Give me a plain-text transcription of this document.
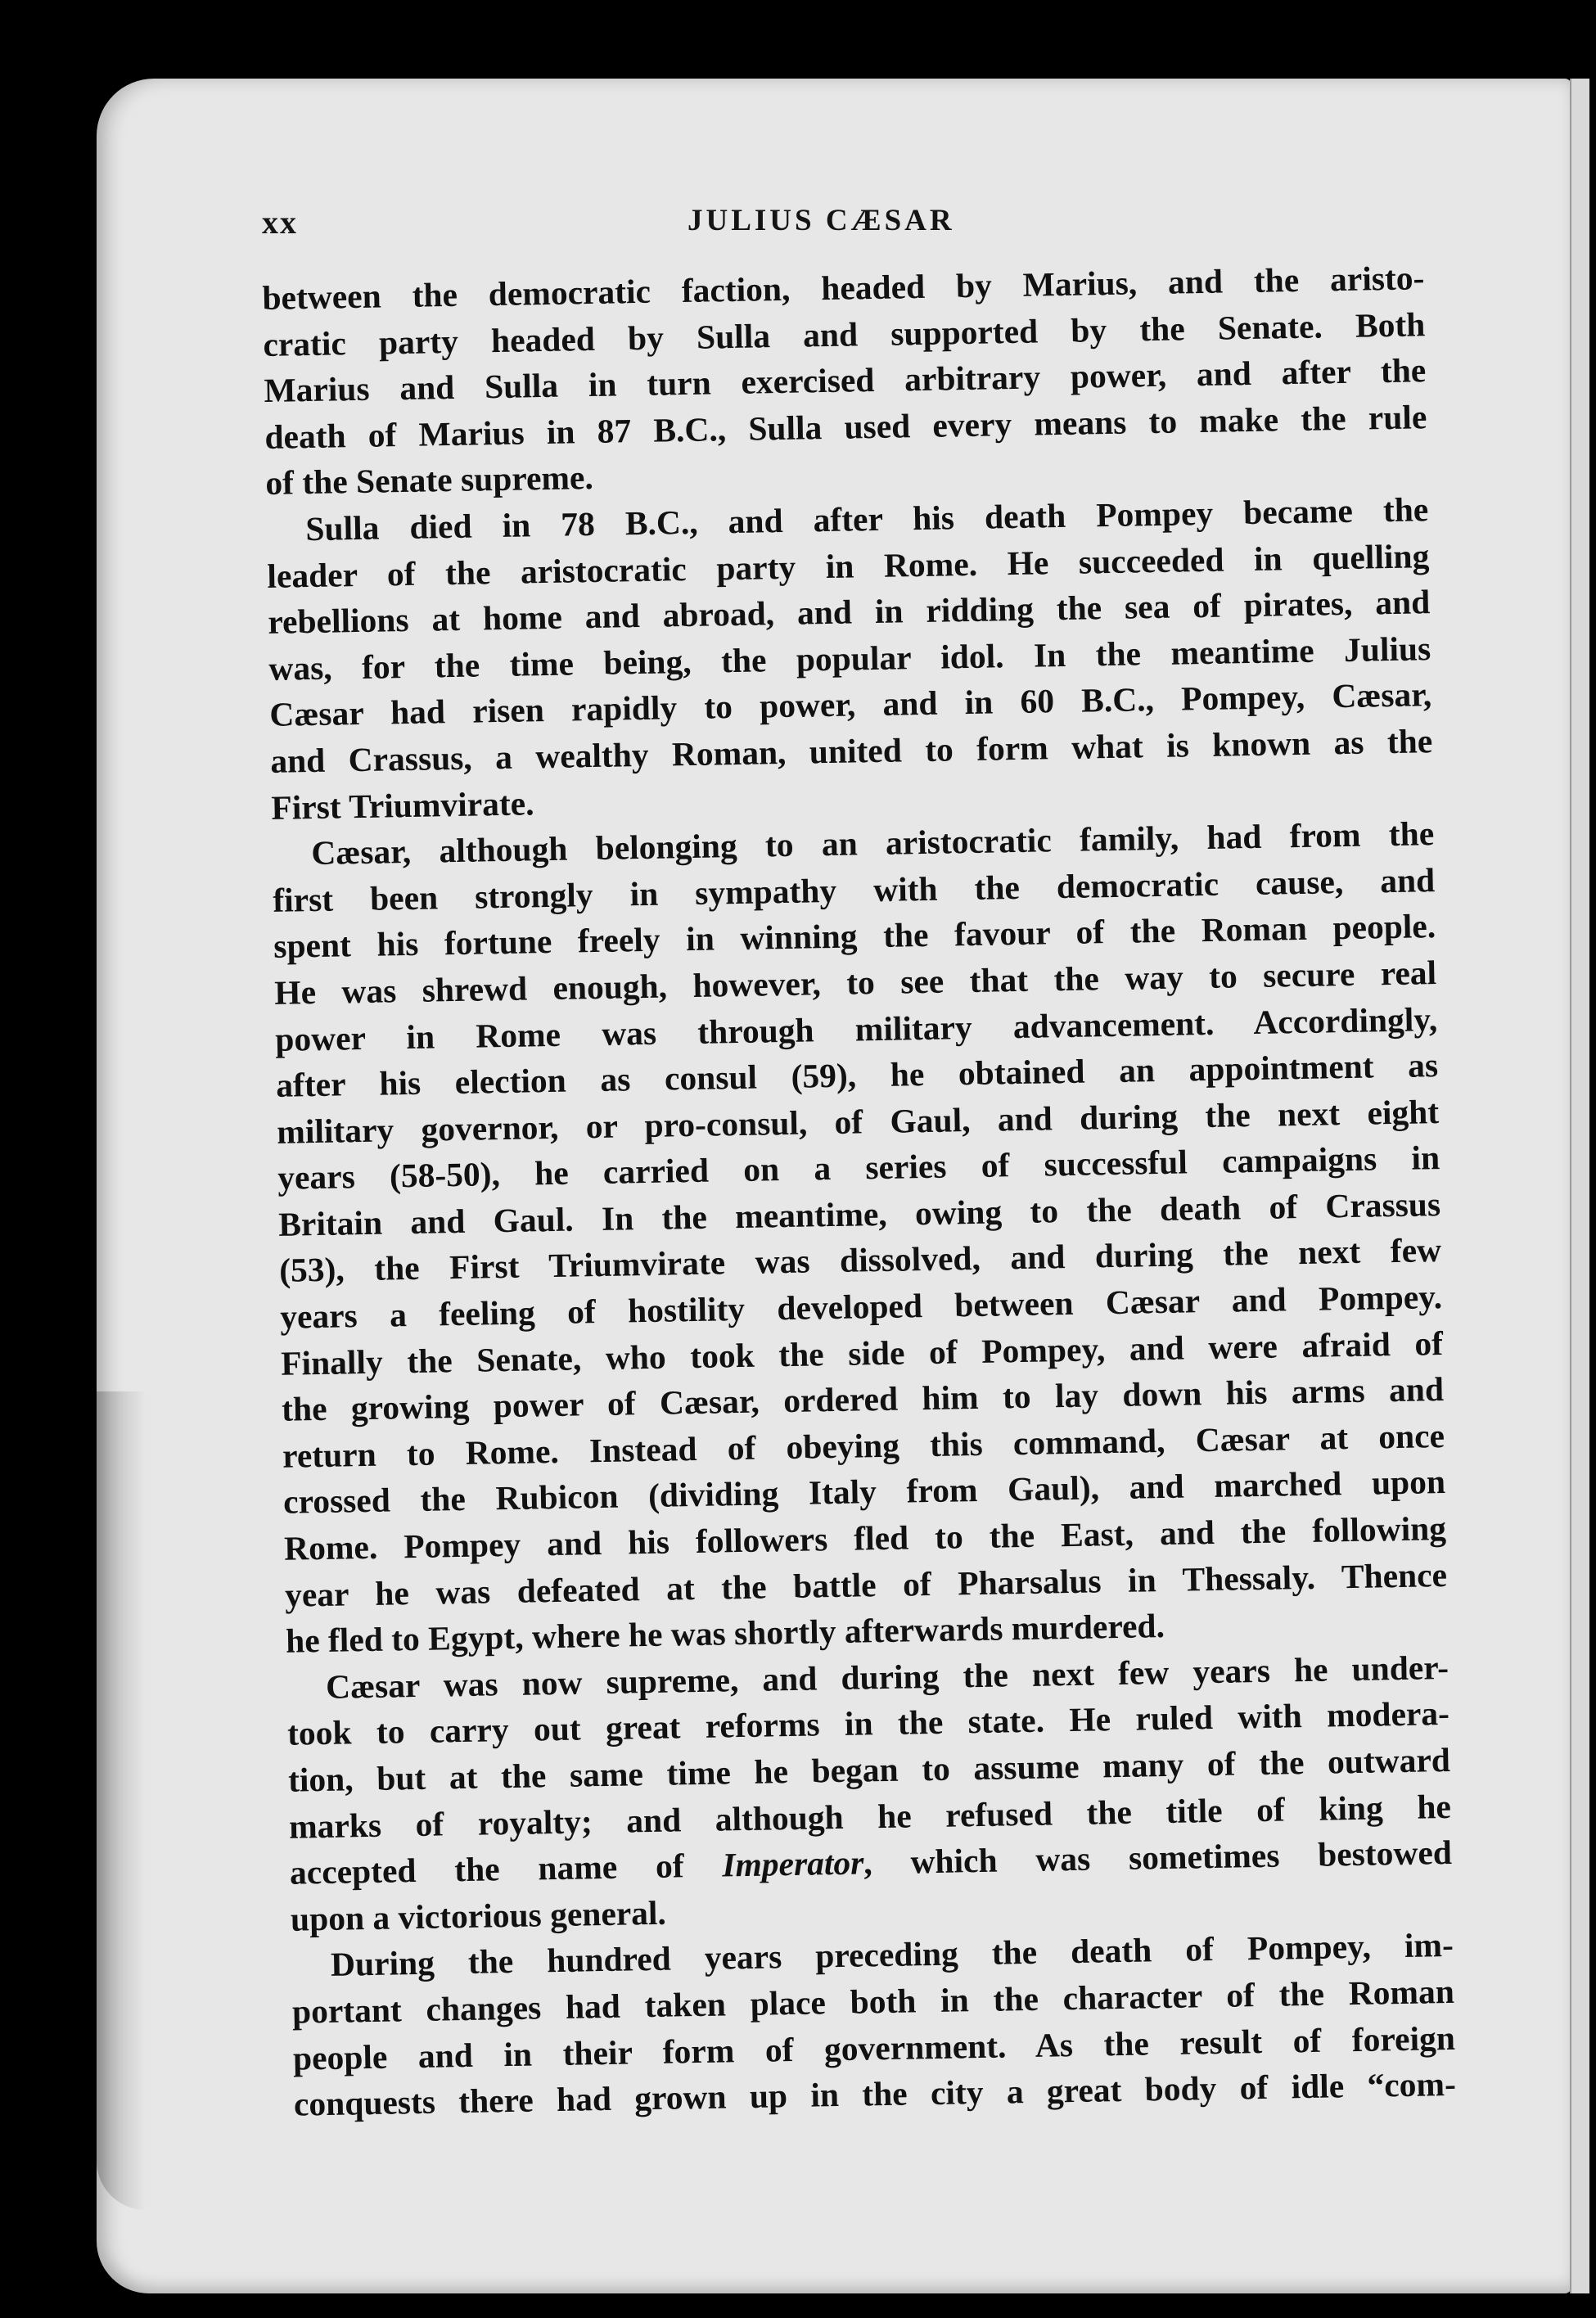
xx	JULIUS CÆSAR
between the democratic faction, headed by Marius, and the aristo-
cratic party headed by Sulla and supported by the Senate. Both
Marius and Sulla in turn exercised arbitrary power, and after the
death of Marius in 87 B.C., Sulla used every means to make the rule
of the Senate supreme.
Sulla died in 78 B.C., and after his death Pompey became the
leader of the aristocratic party in Rome. He succeeded in quelling
rebellions at home and abroad, and in ridding the sea of pirates, and
was, for the time being, the popular idol. In the meantime Julius
Cæsar had risen rapidly to power, and in 60 B.C., Pompey, Cæsar,
and Crassus, a wealthy Roman, united to form what is known as the
First Triumvirate.
Cæsar, although belonging to an aristocratic family, had from the
first been strongly in sympathy with the democratic cause, and
spent his fortune freely in winning the favour of the Roman people.
He was shrewd enough, however, to see that the way to secure real
power in Rome was through military advancement. Accordingly,
after his election as consul (59), he obtained an appointment as
military governor, or pro-consul, of Gaul, and during the next eight
years (58-50), he carried on a series of successful campaigns in
Britain and Gaul. In the meantime, owing to the death of Crassus
(53), the First Triumvirate was dissolved, and during the next few
years a feeling of hostility developed between Cæsar and Pompey.
Finally the Senate, who took the side of Pompey, and were afraid of
the growing power of Cæsar, ordered him to lay down his arms and
return to Rome. Instead of obeying this command, Cæsar at once
crossed the Rubicon (dividing Italy from Gaul), and marched upon
Rome. Pompey and his followers fled to the East, and the following
year he was defeated at the battle of Pharsalus in Thessaly. Thence
he fled to Egypt, where he was shortly afterwards murdered.
Cæsar was now supreme, and during the next few years he under-
took to carry out great reforms in the state. He ruled with modera-
tion, but at the same time he began to assume many of the outward
marks of royalty; and although he refused the title of king he
accepted the name of Imperator, which was sometimes bestowed
upon a victorious general.
During the hundred years preceding the death of Pompey, im-
portant changes had taken place both in the character of the Roman
people and in their form of government. As the result of foreign
conquests there had grown up in the city a great body of idle “com-
